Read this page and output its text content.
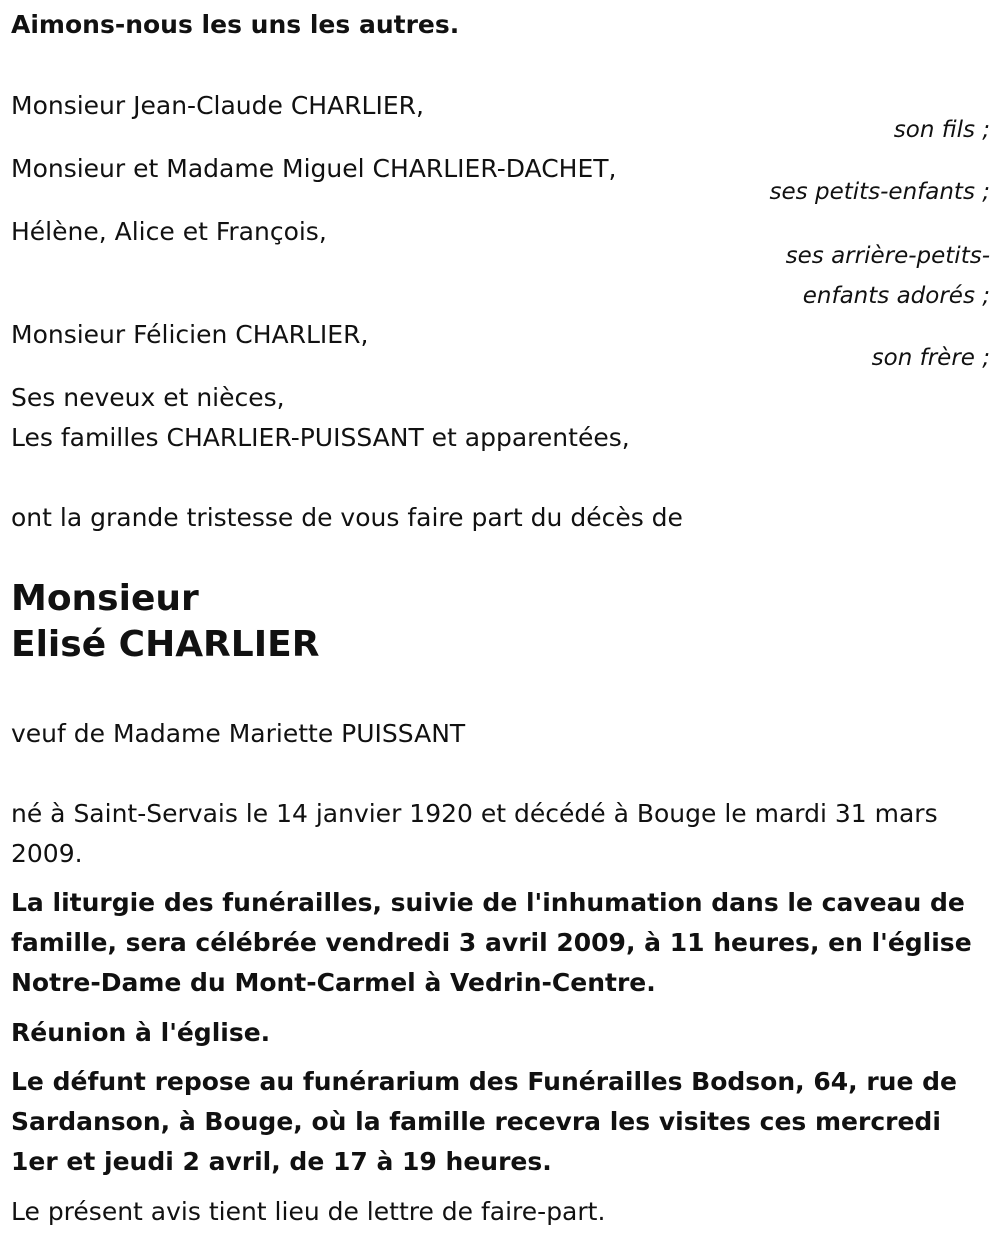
Aimons-nous les uns les autres.

Monsieur Jean-Claude CHARLIER,

son fils ;

Monsieur et Madame Miguel CHARLIER-DACHET,

ses petits-enfants ;

Hélène, Alice et François,

ses arrière-petits-

enfants adorés ;

Monsieur Félicien CHARLIER,

son frère ;

Ses neveux et nièces,

Les familles CHARLIER-PUISSANT et apparentées,

ont la grande tristesse de vous faire part du décès de

Monsieur

Elisé CHARLIER

veuf de Madame Mariette PUISSANT

né à Saint-Servais le 14 janvier 1920 et décédé à Bouge le mardi 31 mars 2009.

La liturgie des funérailles, suivie de l'inhumation dans le caveau de famille, sera célébrée vendredi 3 avril 2009, à 11 heures, en l'église Notre-Dame du Mont-Carmel à Vedrin-Centre.

Réunion à l'église.

Le défunt repose au funérarium des Funérailles Bodson, 64, rue de Sardanson, à Bouge, où la famille recevra les visites ces mercredi 1er et jeudi 2 avril, de 17 à 19 heures.

Le présent avis tient lieu de lettre de faire-part.
